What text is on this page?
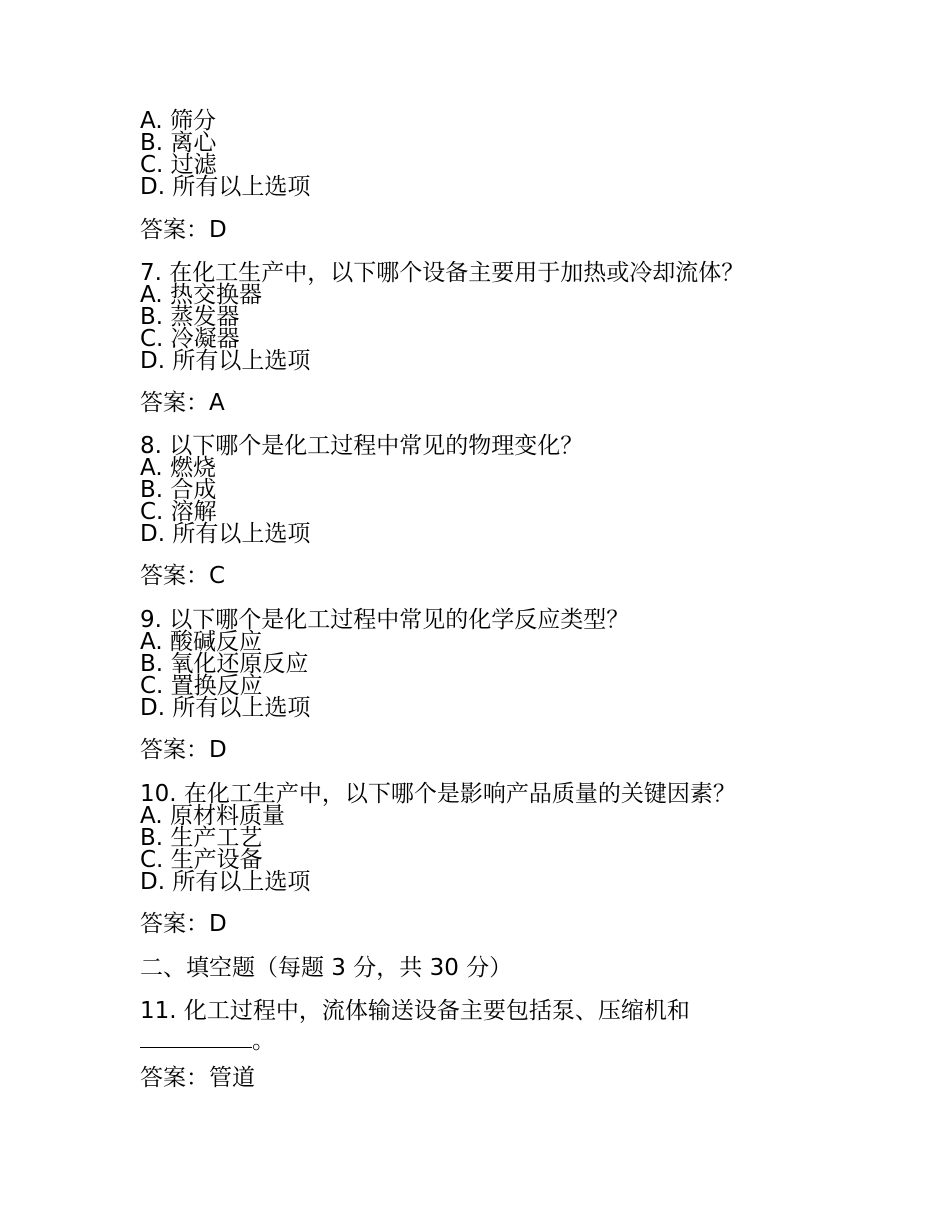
A. 筛分
B. 离心
C. 过滤
D. 所有以上选项
答案：D
7. 在化工生产中，以下哪个设备主要用于加热或冷却流体？
A. 热交换器
B. 蒸发器
C. 冷凝器
D. 所有以上选项
答案：A
8. 以下哪个是化工过程中常见的物理变化？
A. 燃烧
B. 合成
C. 溶解
D. 所有以上选项
答案：C
9. 以下哪个是化工过程中常见的化学反应类型？
A. 酸碱反应
B. 氧化还原反应
C. 置换反应
D. 所有以上选项
答案：D
10. 在化工生产中，以下哪个是影响产品质量的关键因素？
A. 原材料质量
B. 生产工艺
C. 生产设备
D. 所有以上选项
答案：D
二、填空题（每题 3 分，共 30 分）
11. 化工过程中，流体输送设备主要包括泵、压缩机和
。
答案：管道
